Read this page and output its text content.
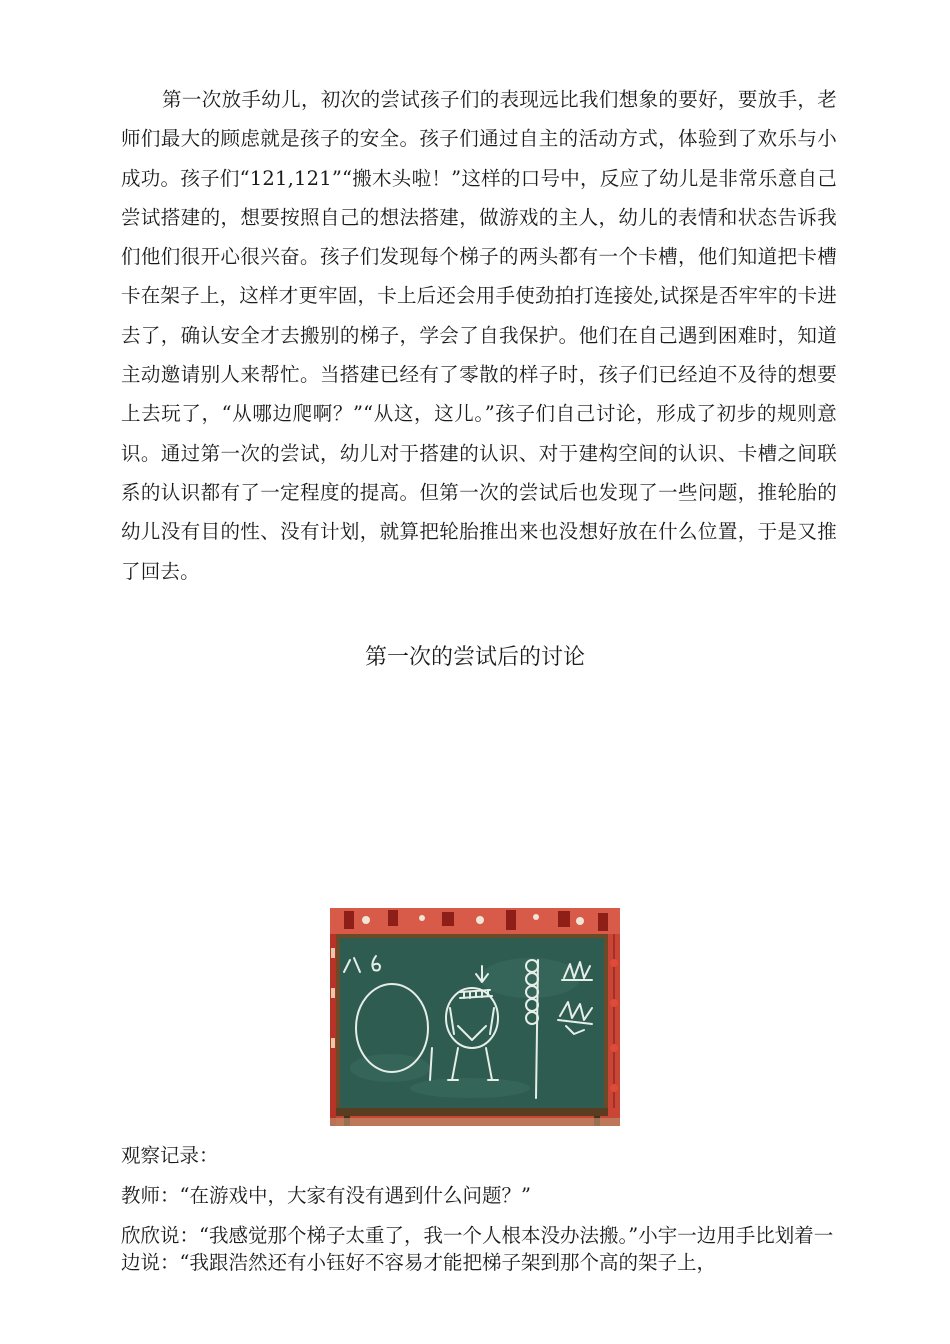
第一次放手幼儿，初次的尝试孩子们的表现远比我们想象的要好，要放手，老师们最大的顾虑就是孩子的安全。孩子们通过自主的活动方式，体验到了欢乐与小成功。孩子们“121,121”“搬木头啦！”这样的口号中，反应了幼儿是非常乐意自己尝试搭建的，想要按照自己的想法搭建，做游戏的主人，幼儿的表情和状态告诉我们他们很开心很兴奋。孩子们发现每个梯子的两头都有一个卡槽，他们知道把卡槽卡在架子上，这样才更牢固，卡上后还会用手使劲拍打连接处,试探是否牢牢的卡进去了，确认安全才去搬别的梯子，学会了自我保护。他们在自己遇到困难时，知道主动邀请别人来帮忙。当搭建已经有了零散的样子时，孩子们已经迫不及待的想要上去玩了，“从哪边爬啊？”“从这，这儿。”孩子们自己讨论，形成了初步的规则意识。通过第一次的尝试，幼儿对于搭建的认识、对于建构空间的认识、卡槽之间联系的认识都有了一定程度的提高。但第一次的尝试后也发现了一些问题，推轮胎的幼儿没有目的性、没有计划，就算把轮胎推出来也没想好放在什么位置，于是又推了回去。

第一次的尝试后的讨论

观察记录：

教师：“在游戏中，大家有没有遇到什么问题？”

欣欣说：“我感觉那个梯子太重了，我一个人根本没办法搬。”小宇一边用手比划着一边说：“我跟浩然还有小钰好不容易才能把梯子架到那个高的架子上，
